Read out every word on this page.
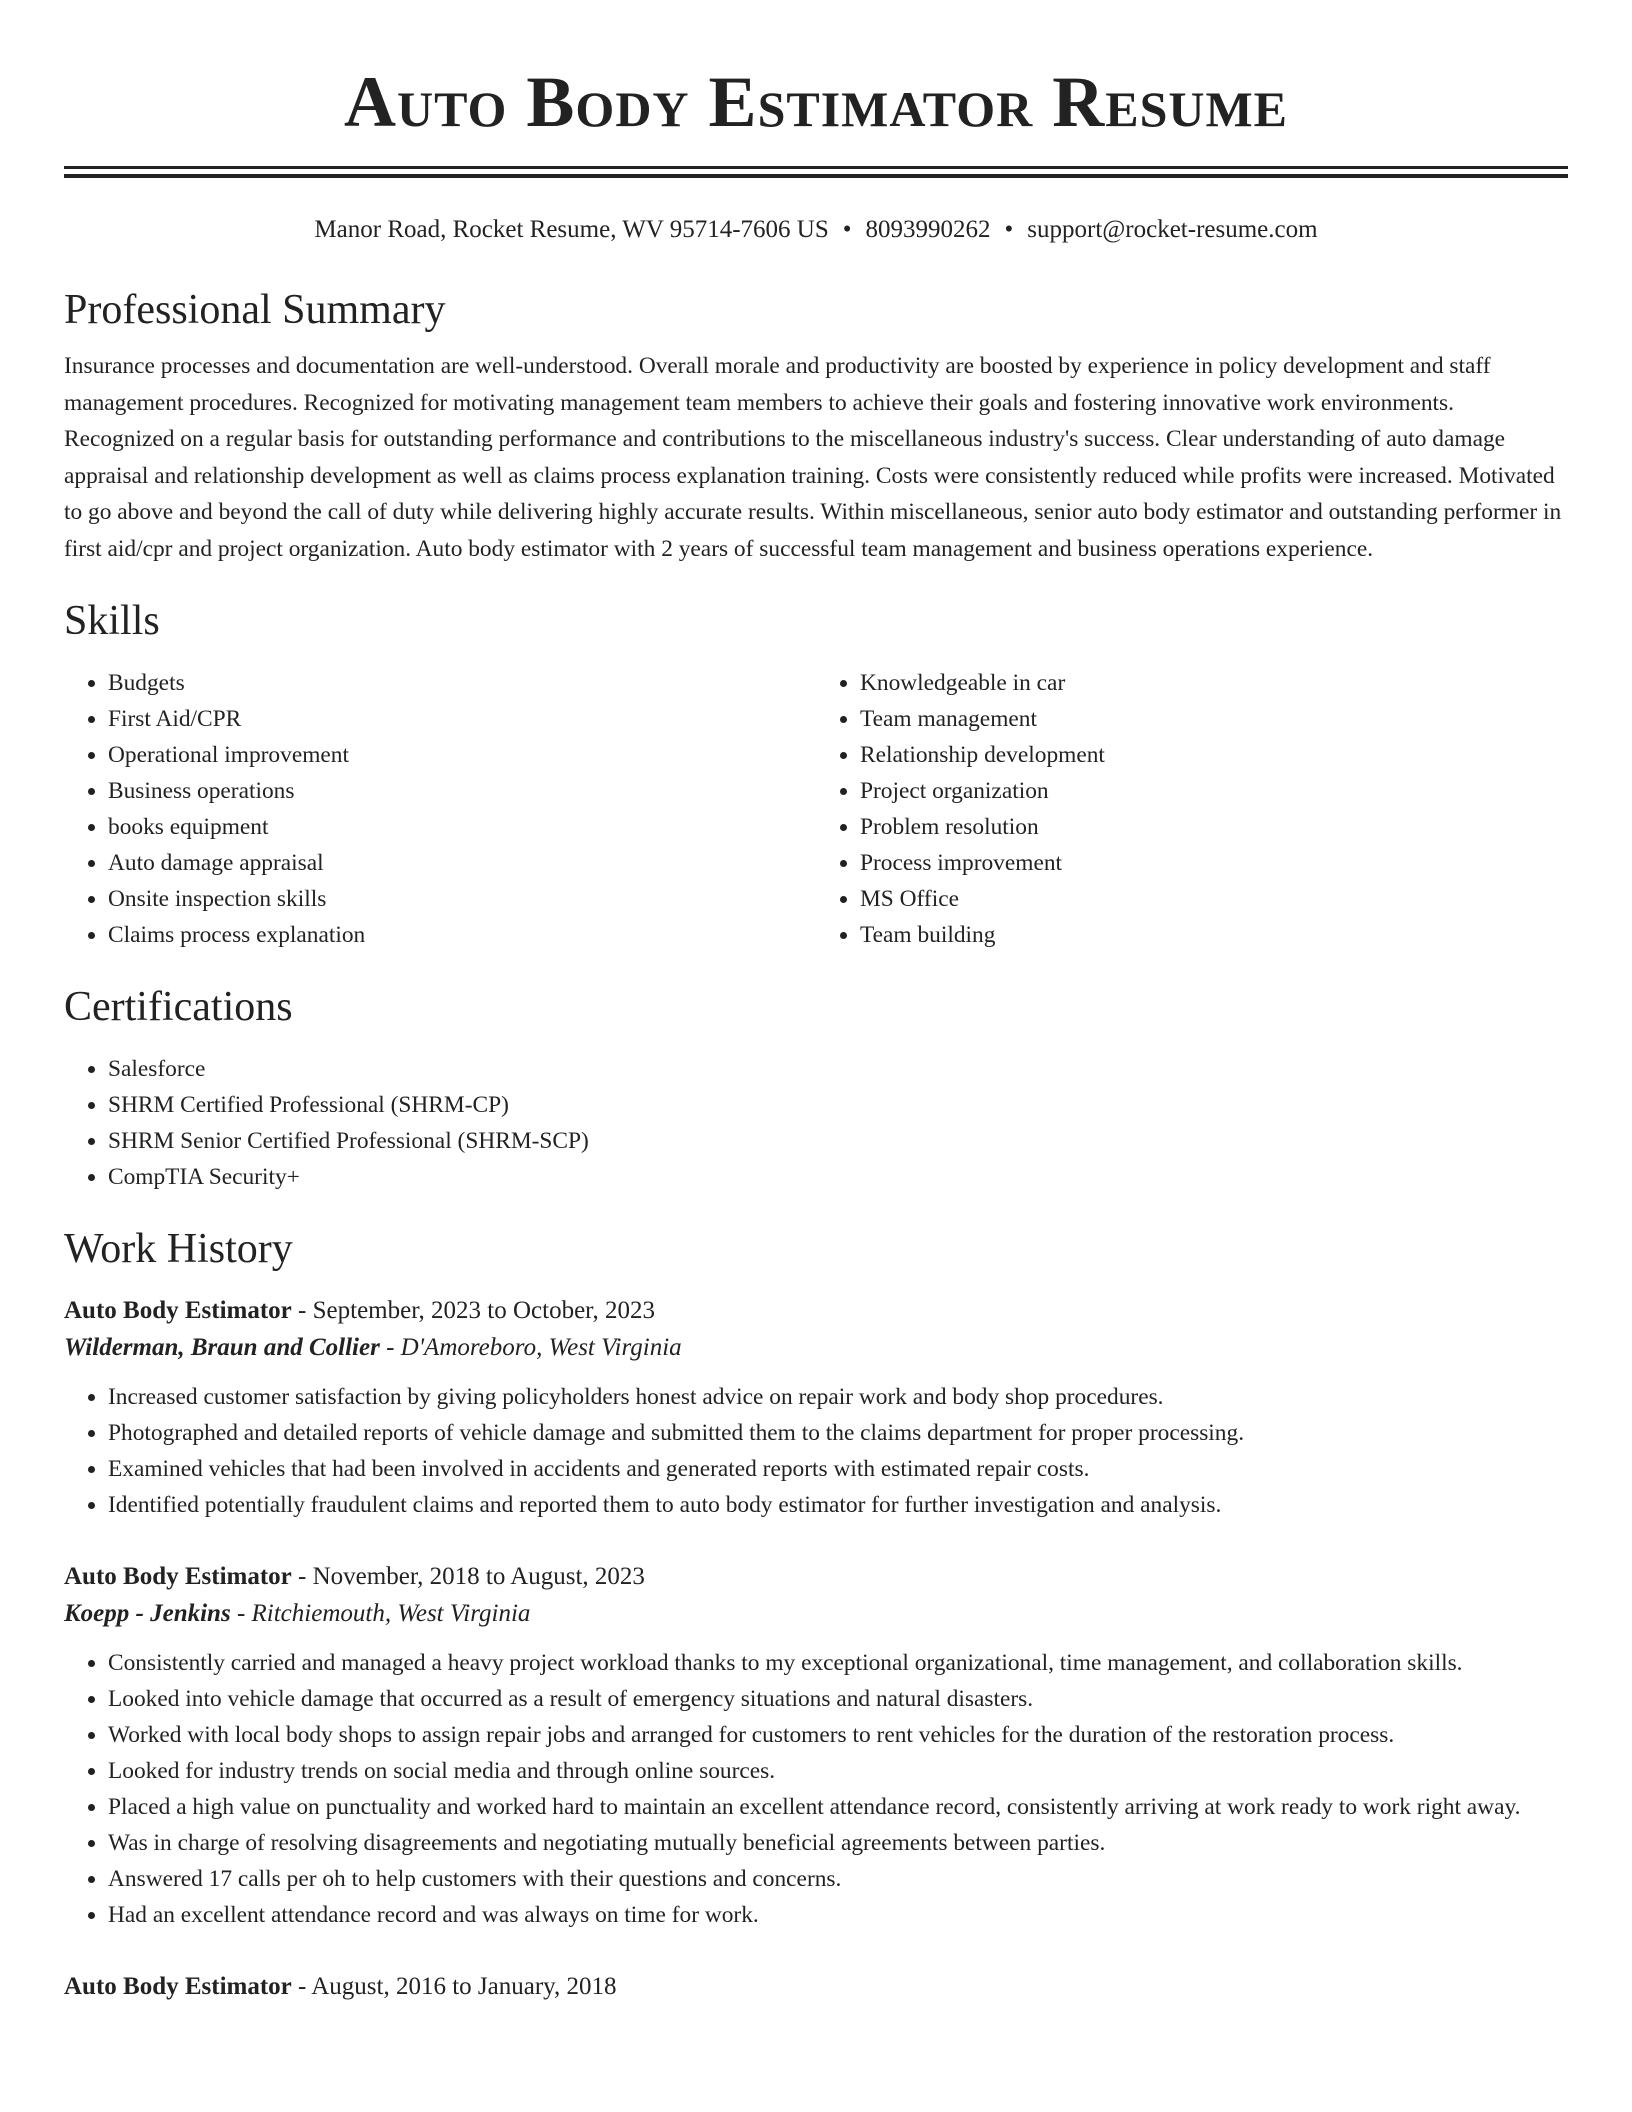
Auto Body Estimator Resume
Manor Road, Rocket Resume, WV 95714-7606 US • 8093990262 • support@rocket-resume.com
Professional Summary

Insurance processes and documentation are well-understood. Overall morale and productivity are boosted by experience in policy development and staff management procedures. Recognized for motivating management team members to achieve their goals and fostering innovative work environments. Recognized on a regular basis for outstanding performance and contributions to the miscellaneous industry's success. Clear understanding of auto damage appraisal and relationship development as well as claims process explanation training. Costs were consistently reduced while profits were increased. Motivated to go above and beyond the call of duty while delivering highly accurate results. Within miscellaneous, senior auto body estimator and outstanding performer in first aid/cpr and project organization. Auto body estimator with 2 years of successful team management and business operations experience.

Skills
• Budgets
• First Aid/CPR
• Operational improvement
• Business operations
• books equipment
• Auto damage appraisal
• Onsite inspection skills
• Claims process explanation
• Knowledgeable in car
• Team management
• Relationship development
• Project organization
• Problem resolution
• Process improvement
• MS Office
• Team building
Certifications
• Salesforce
• SHRM Certified Professional (SHRM-CP)
• SHRM Senior Certified Professional (SHRM-SCP)
• CompTIA Security+
Work History
Auto Body Estimator - September, 2023 to October, 2023
Wilderman, Braun and Collier - D'Amoreboro, West Virginia
• Increased customer satisfaction by giving policyholders honest advice on repair work and body shop procedures.
• Photographed and detailed reports of vehicle damage and submitted them to the claims department for proper processing.
• Examined vehicles that had been involved in accidents and generated reports with estimated repair costs.
• Identified potentially fraudulent claims and reported them to auto body estimator for further investigation and analysis.
Auto Body Estimator - November, 2018 to August, 2023
Koepp - Jenkins - Ritchiemouth, West Virginia
• Consistently carried and managed a heavy project workload thanks to my exceptional organizational, time management, and collaboration skills.
• Looked into vehicle damage that occurred as a result of emergency situations and natural disasters.
• Worked with local body shops to assign repair jobs and arranged for customers to rent vehicles for the duration of the restoration process.
• Looked for industry trends on social media and through online sources.
• Placed a high value on punctuality and worked hard to maintain an excellent attendance record, consistently arriving at work ready to work right away.
• Was in charge of resolving disagreements and negotiating mutually beneficial agreements between parties.
• Answered 17 calls per oh to help customers with their questions and concerns.
• Had an excellent attendance record and was always on time for work.
Auto Body Estimator - August, 2016 to January, 2018
